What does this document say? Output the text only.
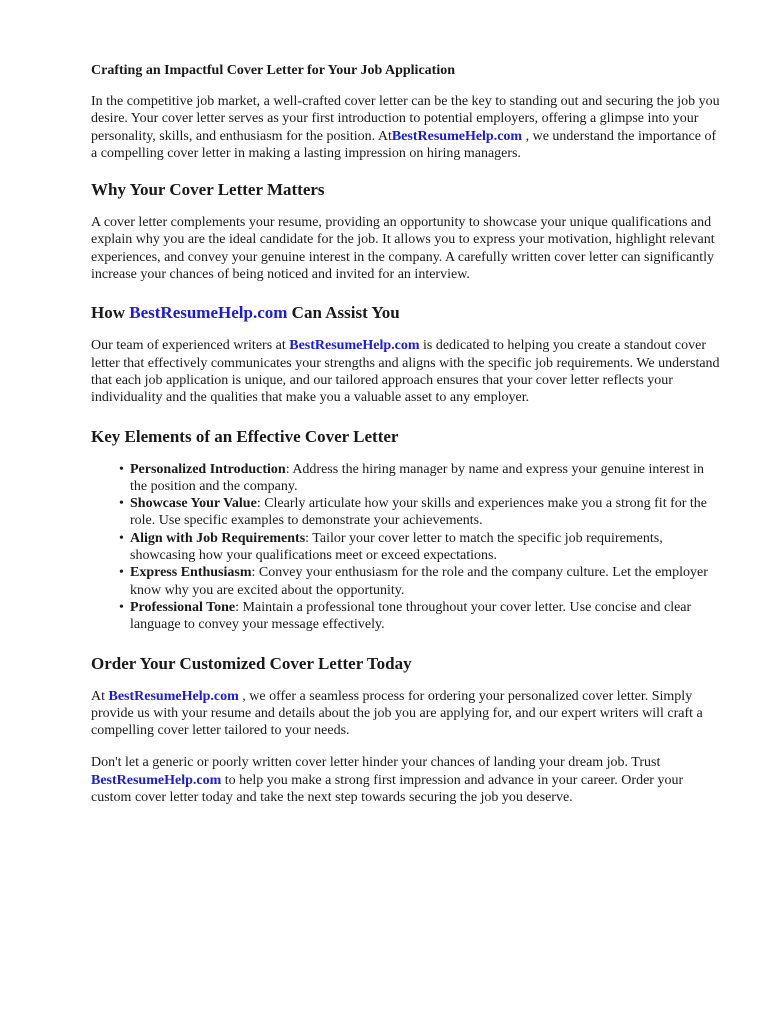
Crafting an Impactful Cover Letter for Your Job Application

In the competitive job market, a well-crafted cover letter can be the key to standing out and securing the job you desire. Your cover letter serves as your first introduction to potential employers, offering a glimpse into your personality, skills, and enthusiasm for the position. AtBestResumeHelp.com , we understand the importance of a compelling cover letter in making a lasting impression on hiring managers.

Why Your Cover Letter Matters

A cover letter complements your resume, providing an opportunity to showcase your unique qualifications and explain why you are the ideal candidate for the job. It allows you to express your motivation, highlight relevant experiences, and convey your genuine interest in the company. A carefully written cover letter can significantly increase your chances of being noticed and invited for an interview.

How BestResumeHelp.com Can Assist You

Our team of experienced writers at BestResumeHelp.com is dedicated to helping you create a standout cover letter that effectively communicates your strengths and aligns with the specific job requirements. We understand that each job application is unique, and our tailored approach ensures that your cover letter reflects your individuality and the qualities that make you a valuable asset to any employer.

Key Elements of an Effective Cover Letter
• Personalized Introduction: Address the hiring manager by name and express your genuine interest in the position and the company.
• Showcase Your Value: Clearly articulate how your skills and experiences make you a strong fit for the role. Use specific examples to demonstrate your achievements.
• Align with Job Requirements: Tailor your cover letter to match the specific job requirements, showcasing how your qualifications meet or exceed expectations.
• Express Enthusiasm: Convey your enthusiasm for the role and the company culture. Let the employer know why you are excited about the opportunity.
• Professional Tone: Maintain a professional tone throughout your cover letter. Use concise and clear language to convey your message effectively.
Order Your Customized Cover Letter Today

At BestResumeHelp.com , we offer a seamless process for ordering your personalized cover letter. Simply provide us with your resume and details about the job you are applying for, and our expert writers will craft a compelling cover letter tailored to your needs.

Don't let a generic or poorly written cover letter hinder your chances of landing your dream job. Trust BestResumeHelp.com to help you make a strong first impression and advance in your career. Order your custom cover letter today and take the next step towards securing the job you deserve.
